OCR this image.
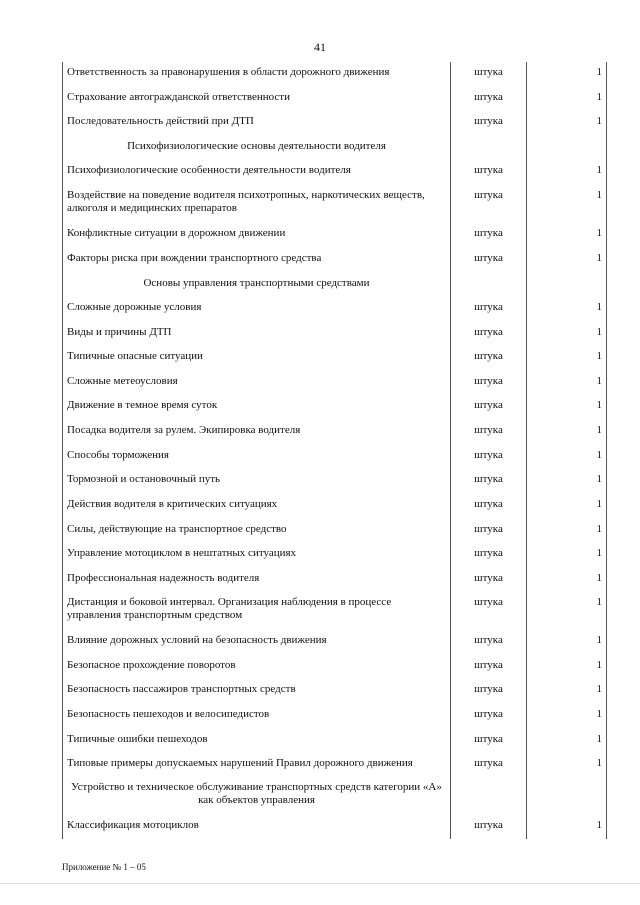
41
Ответственность за правонарушения в области дорожного движения	штука	1
Страхование автогражданской ответственности	штука	1
Последовательность действий при ДТП	штука	1
Психофизиологические основы деятельности водителя		
Психофизиологические особенности деятельности водителя	штука	1
Воздействие на поведение водителя психотропных, наркотических веществ, алкоголя и медицинских препаратов	штука	1
Конфликтные ситуации в дорожном движении	штука	1
Факторы риска при вождении транспортного средства	штука	1
Основы управления транспортными средствами		
Сложные дорожные условия	штука	1
Виды и причины ДТП	штука	1
Типичные опасные ситуации	штука	1
Сложные метеоусловия	штука	1
Движение в темное время суток	штука	1
Посадка водителя за рулем. Экипировка водителя	штука	1
Способы торможения	штука	1
Тормозной и остановочный путь	штука	1
Действия водителя в критических ситуациях	штука	1
Силы, действующие на транспортное средство	штука	1
Управление мотоциклом в нештатных ситуациях	штука	1
Профессиональная надежность водителя	штука	1
Дистанция и боковой интервал. Организация наблюдения в процессе управления транспортным средством	штука	1
Влияние дорожных условий на безопасность движения	штука	1
Безопасное прохождение поворотов	штука	1
Безопасность пассажиров транспортных средств	штука	1
Безопасность пешеходов и велосипедистов	штука	1
Типичные ошибки пешеходов	штука	1
Типовые примеры допускаемых нарушений Правил дорожного движения	штука	1
Устройство и техническое обслуживание транспортных средств категории «А» как объектов управления		
Классификация мотоциклов	штука	1
Приложение № 1 – 05
